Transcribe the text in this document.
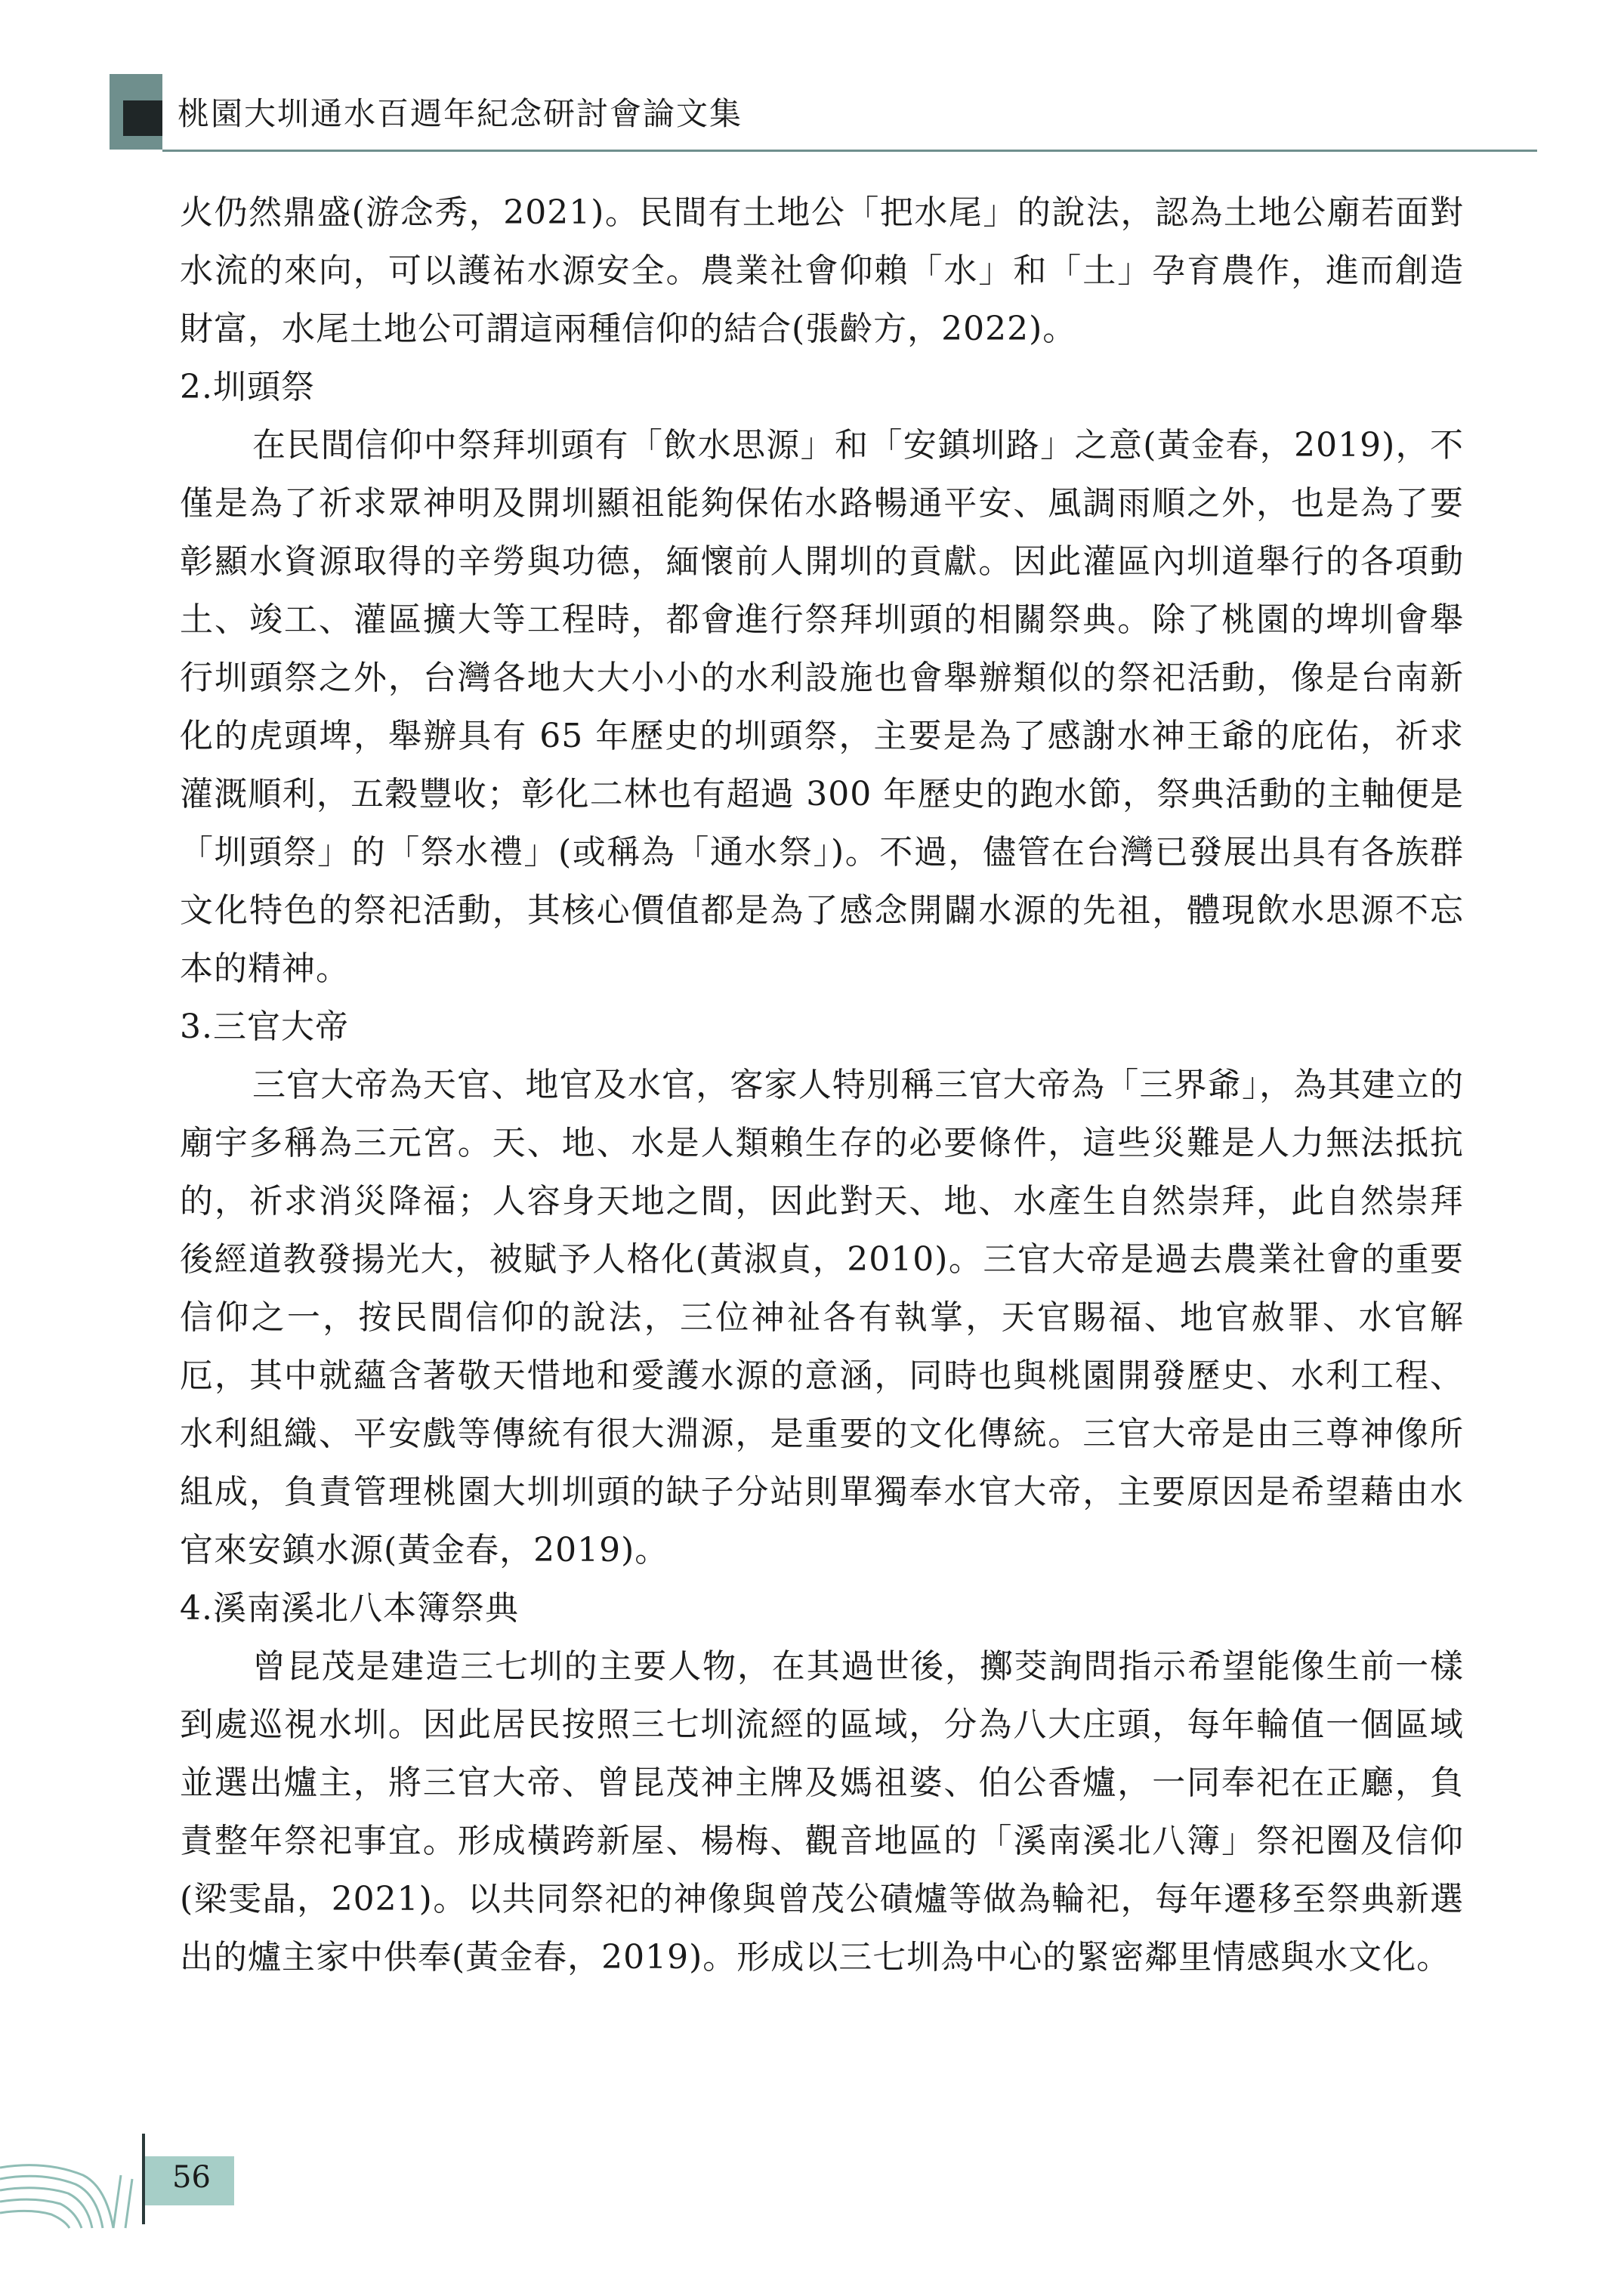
桃園大圳通水百週年紀念研討會論文集

火仍然鼎盛(游念秀，2021)。民間有土地公「把水尾」的說法，認為土地公廟若面對水流的來向，可以護祐水源安全。農業社會仰賴「水」和「土」孕育農作，進而創造財富，水尾土地公可謂這兩種信仰的結合(張齡方，2022)。

2.圳頭祭

在民間信仰中祭拜圳頭有「飲水思源」和「安鎮圳路」之意(黃金春，2019)，不僅是為了祈求眾神明及開圳顯祖能夠保佑水路暢通平安、風調雨順之外，也是為了要彰顯水資源取得的辛勞與功德，緬懷前人開圳的貢獻。因此灌區內圳道舉行的各項動土、竣工、灌區擴大等工程時，都會進行祭拜圳頭的相關祭典。除了桃園的埤圳會舉行圳頭祭之外，台灣各地大大小小的水利設施也會舉辦類似的祭祀活動，像是台南新化的虎頭埤，舉辦具有 65 年歷史的圳頭祭，主要是為了感謝水神王爺的庇佑，祈求灌溉順利，五穀豐收；彰化二林也有超過 300 年歷史的跑水節，祭典活動的主軸便是「圳頭祭」的「祭水禮」(或稱為「通水祭」)。不過，儘管在台灣已發展出具有各族群文化特色的祭祀活動，其核心價值都是為了感念開闢水源的先祖，體現飲水思源不忘本的精神。

3.三官大帝

三官大帝為天官、地官及水官，客家人特別稱三官大帝為「三界爺」，為其建立的廟宇多稱為三元宮。天、地、水是人類賴生存的必要條件，這些災難是人力無法抵抗的，祈求消災降福；人容身天地之間，因此對天、地、水產生自然崇拜，此自然崇拜後經道教發揚光大，被賦予人格化(黃淑貞，2010)。三官大帝是過去農業社會的重要信仰之一，按民間信仰的說法，三位神祉各有執掌，天官賜福、地官赦罪、水官解厄，其中就蘊含著敬天惜地和愛護水源的意涵，同時也與桃園開發歷史、水利工程、水利組織、平安戲等傳統有很大淵源，是重要的文化傳統。三官大帝是由三尊神像所組成，負責管理桃園大圳圳頭的缺子分站則單獨奉水官大帝，主要原因是希望藉由水官來安鎮水源(黃金春，2019)。

4.溪南溪北八本簿祭典

曾昆茂是建造三七圳的主要人物，在其過世後，擲茭詢問指示希望能像生前一樣到處巡視水圳。因此居民按照三七圳流經的區域，分為八大庄頭，每年輪值一個區域並選出爐主，將三官大帝、曾昆茂神主牌及媽祖婆、伯公香爐，一同奉祀在正廳，負責整年祭祀事宜。形成橫跨新屋、楊梅、觀音地區的「溪南溪北八簿」祭祀圈及信仰(梁雯晶，2021)。以共同祭祀的神像與曾茂公磧爐等做為輪祀，每年遷移至祭典新選出的爐主家中供奉(黃金春，2019)。形成以三七圳為中心的緊密鄰里情感與水文化。

56
